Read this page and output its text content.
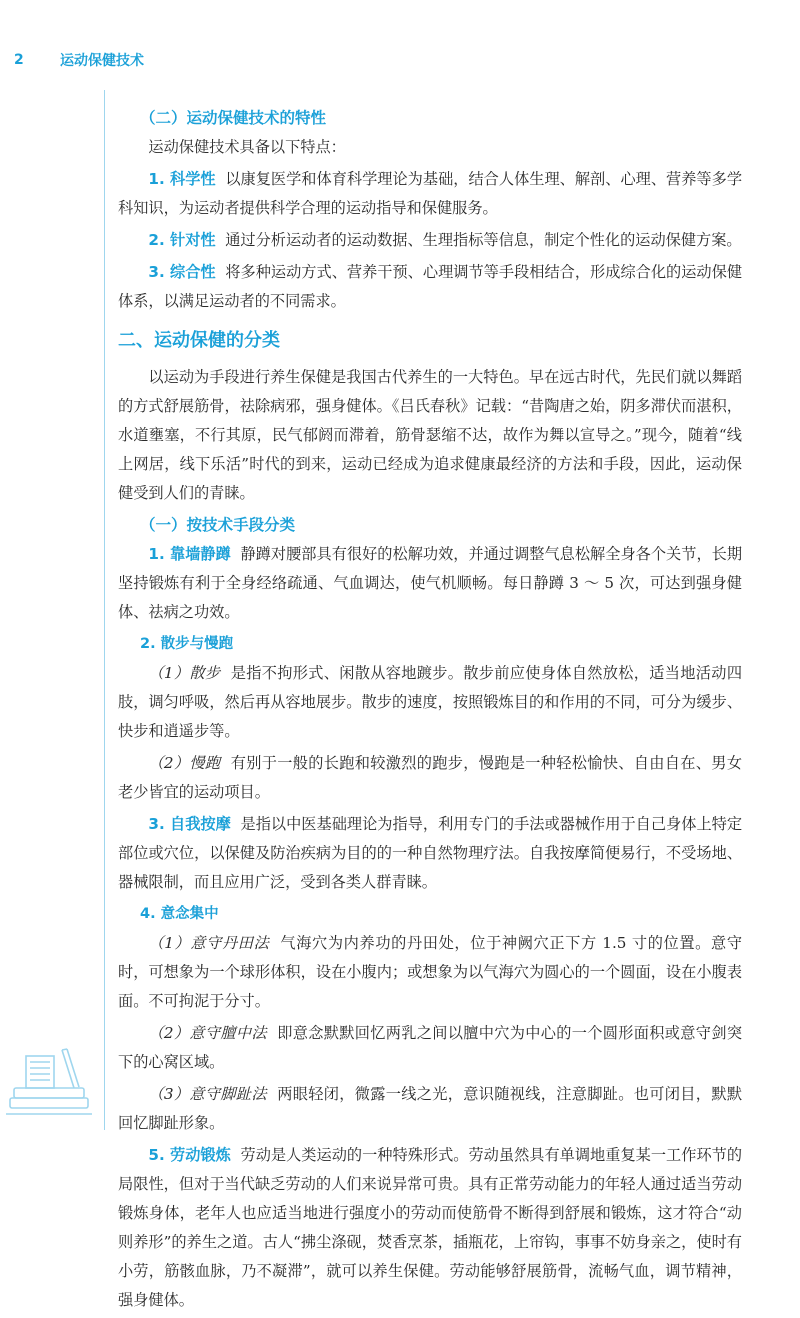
2	运动保健技术
（二）运动保健技术的特性
运动保健技术具备以下特点：
1. 科学性 以康复医学和体育科学理论为基础，结合人体生理、解剖、心理、营养等多学科知识，为运动者提供科学合理的运动指导和保健服务。
2. 针对性 通过分析运动者的运动数据、生理指标等信息，制定个性化的运动保健方案。
3. 综合性 将多种运动方式、营养干预、心理调节等手段相结合，形成综合化的运动保健体系，以满足运动者的不同需求。
二、运动保健的分类
以运动为手段进行养生保健是我国古代养生的一大特色。早在远古时代，先民们就以舞蹈的方式舒展筋骨，祛除病邪，强身健体。《吕氏春秋》记载：“昔陶唐之始，阴多滞伏而湛积，水道壅塞，不行其原，民气郁阏而滞着，筋骨瑟缩不达，故作为舞以宣导之。”现今，随着“线上网居，线下乐活”时代的到来，运动已经成为追求健康最经济的方法和手段，因此，运动保健受到人们的青睐。
（一）按技术手段分类
1. 靠墙静蹲 静蹲对腰部具有很好的松解功效，并通过调整气息松解全身各个关节，长期坚持锻炼有利于全身经络疏通、气血调达，使气机顺畅。每日静蹲 3 ～ 5 次，可达到强身健体、祛病之功效。
2. 散步与慢跑
（1）散步 是指不拘形式、闲散从容地踱步。散步前应使身体自然放松，适当地活动四肢，调匀呼吸，然后再从容地展步。散步的速度，按照锻炼目的和作用的不同，可分为缓步、快步和逍遥步等。
（2）慢跑 有别于一般的长跑和较激烈的跑步，慢跑是一种轻松愉快、自由自在、男女老少皆宜的运动项目。
3. 自我按摩 是指以中医基础理论为指导，利用专门的手法或器械作用于自己身体上特定部位或穴位，以保健及防治疾病为目的的一种自然物理疗法。自我按摩简便易行，不受场地、器械限制，而且应用广泛，受到各类人群青睐。
4. 意念集中
（1）意守丹田法 气海穴为内养功的丹田处，位于神阙穴正下方 1.5 寸的位置。意守时，可想象为一个球形体积，设在小腹内；或想象为以气海穴为圆心的一个圆面，设在小腹表面。不可拘泥于分寸。
（2）意守膻中法 即意念默默回忆两乳之间以膻中穴为中心的一个圆形面积或意守剑突下的心窝区域。
（3）意守脚趾法 两眼轻闭，微露一线之光，意识随视线，注意脚趾。也可闭目，默默回忆脚趾形象。
5. 劳动锻炼 劳动是人类运动的一种特殊形式。劳动虽然具有单调地重复某一工作环节的局限性，但对于当代缺乏劳动的人们来说异常可贵。具有正常劳动能力的年轻人通过适当劳动锻炼身体，老年人也应适当地进行强度小的劳动而使筋骨不断得到舒展和锻炼，这才符合“动则养形”的养生之道。古人“拂尘涤砚，焚香烹茶，插瓶花，上帘钩，事事不妨身亲之，使时有小劳，筋骸血脉，乃不凝滞”，就可以养生保健。劳动能够舒展筋骨，流畅气血，调节精神，强身健体。
